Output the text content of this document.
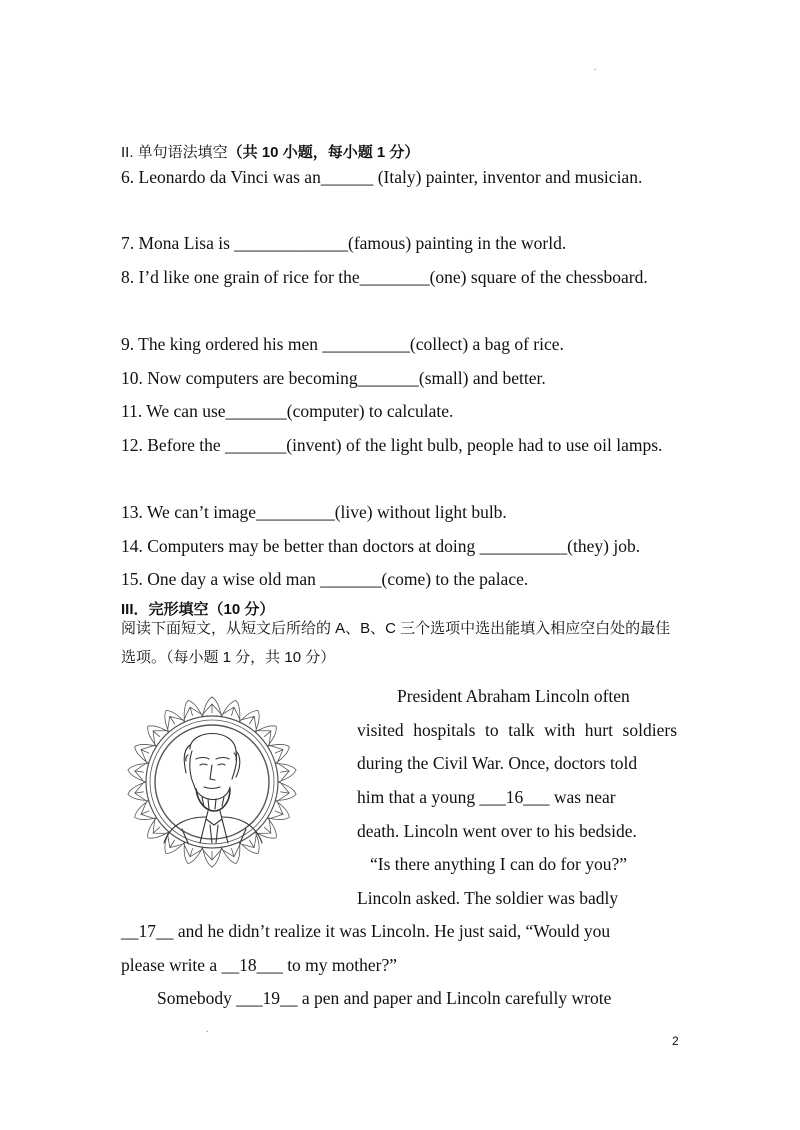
.
II. 单句语法填空（共 10 小题，每小题 1 分）
6. Leonardo da Vinci was an______ (Italy) painter, inventor and musician.
7. Mona Lisa is _____________(famous) painting in the world.
8. I’d like one grain of rice for the________(one) square of the chessboard.
9. The king ordered his men __________(collect) a bag of rice.
10. Now computers are becoming_______(small) and better.
11. We can use_______(computer) to calculate.
12. Before the _______(invent) of the light bulb, people had to use oil lamps.
13. We can’t image_________(live) without light bulb.
14. Computers may be better than doctors at doing __________(they) job.
15. One day a wise old man _______(come) to the palace.
III．完形填空（10 分）
阅读下面短文，从短文后所给的 A、B、C 三个选项中选出能填入相应空白处的最佳选项。（每小题 1 分，共 10 分）
President Abraham Lincoln often
visited hospitals to talk with hurt soldiers
during the Civil War. Once, doctors told
him that a young ___16___ was near
death. Lincoln went over to his bedside.
“Is there anything I can do for you?”
Lincoln asked. The soldier was badly
__17__ and he didn’t realize it was Lincoln. He just said, “Would you
please write a __18___ to my mother?”
Somebody ___19__ a pen and paper and Lincoln carefully wrote
.
2
